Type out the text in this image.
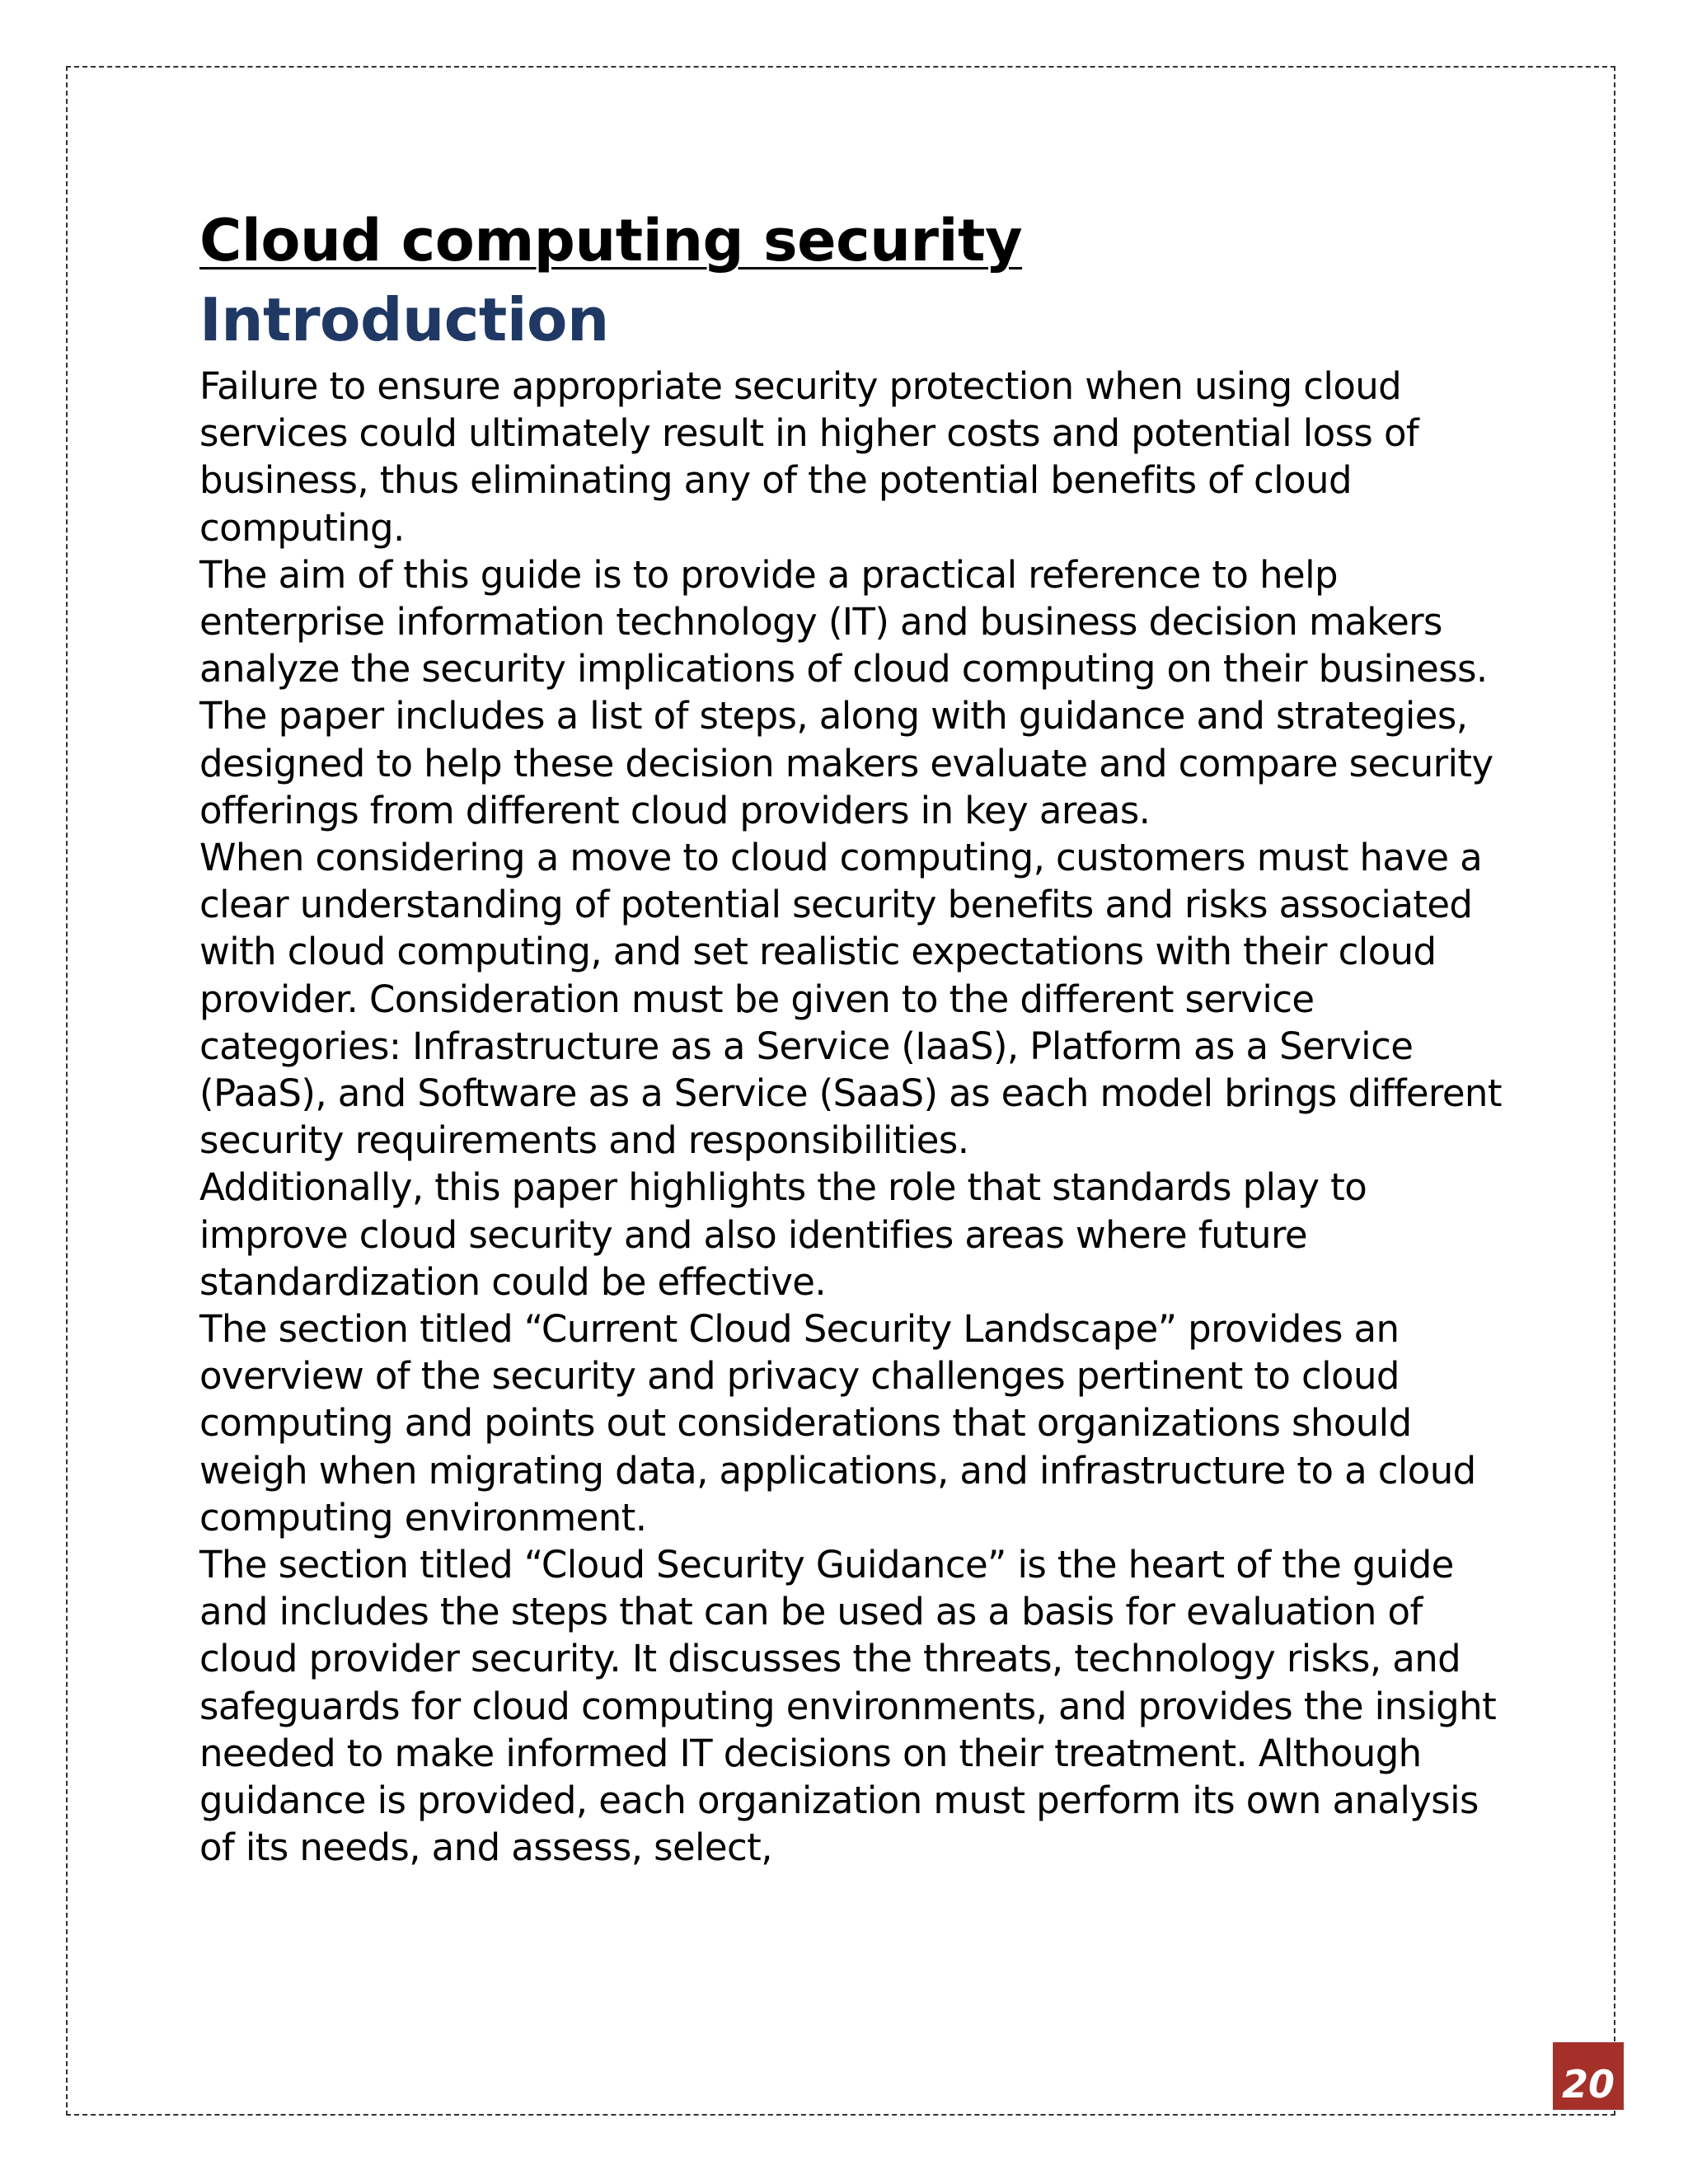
Cloud computing security
Introduction

Failure to ensure appropriate security protection when using cloud services could ultimately result in higher costs and potential loss of business, thus eliminating any of the potential benefits of cloud computing.

The aim of this guide is to provide a practical reference to help enterprise information technology (IT) and business decision makers analyze the security implications of cloud computing on their business. The paper includes a list of steps, along with guidance and strategies, designed to help these decision makers evaluate and compare security offerings from different cloud providers in key areas.

When considering a move to cloud computing, customers must have a clear understanding of potential security benefits and risks associated with cloud computing, and set realistic expectations with their cloud provider. Consideration must be given to the different service categories: Infrastructure as a Service (IaaS), Platform as a Service (PaaS), and Software as a Service (SaaS) as each model brings different security requirements and responsibilities.

Additionally, this paper highlights the role that standards play to improve cloud security and also identifies areas where future standardization could be effective.

The section titled “Current Cloud Security Landscape” provides an overview of the security and privacy challenges pertinent to cloud computing and points out considerations that organizations should weigh when migrating data, applications, and infrastructure to a cloud computing environment.

The section titled “Cloud Security Guidance” is the heart of the guide and includes the steps that can be used as a basis for evaluation of cloud provider security. It discusses the threats, technology risks, and safeguards for cloud computing environments, and provides the insight needed to make informed IT decisions on their treatment. Although guidance is provided, each organization must perform its own analysis of its needs, and assess, select,

20
